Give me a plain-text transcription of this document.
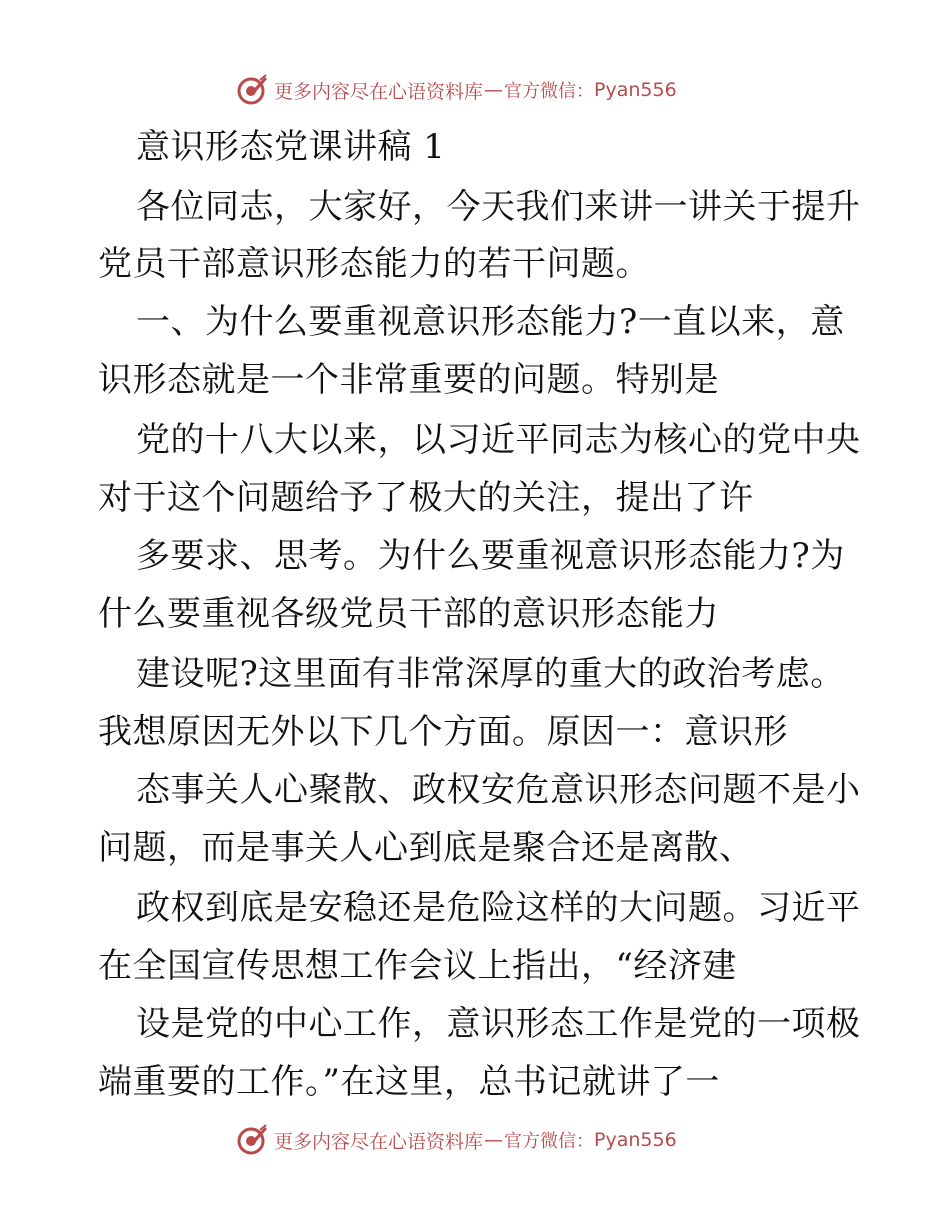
更多内容尽在心语资料库 — 官方微信： Pyan556
意识形态党课讲稿 1
各位同志，大家好，今天我们来讲一讲关于提升
党员干部意识形态能力的若干问题。
一、为什么要重视意识形态能力?一直以来，意
识形态就是一个非常重要的问题。特别是
党的十八大以来，以习近平同志为核心的党中央
对于这个问题给予了极大的关注，提出了许
多要求、思考。为什么要重视意识形态能力?为
什么要重视各级党员干部的意识形态能力
建设呢?这里面有非常深厚的重大的政治考虑。
我想原因无外以下几个方面。原因一：意识形
态事关人心聚散、政权安危意识形态问题不是小
问题，而是事关人心到底是聚合还是离散、
政权到底是安稳还是危险这样的大问题。习近平
在全国宣传思想工作会议上指出，“经济建
设是党的中心工作，意识形态工作是党的一项极
端重要的工作。”在这里，总书记就讲了一
更多内容尽在心语资料库 — 官方微信： Pyan556
